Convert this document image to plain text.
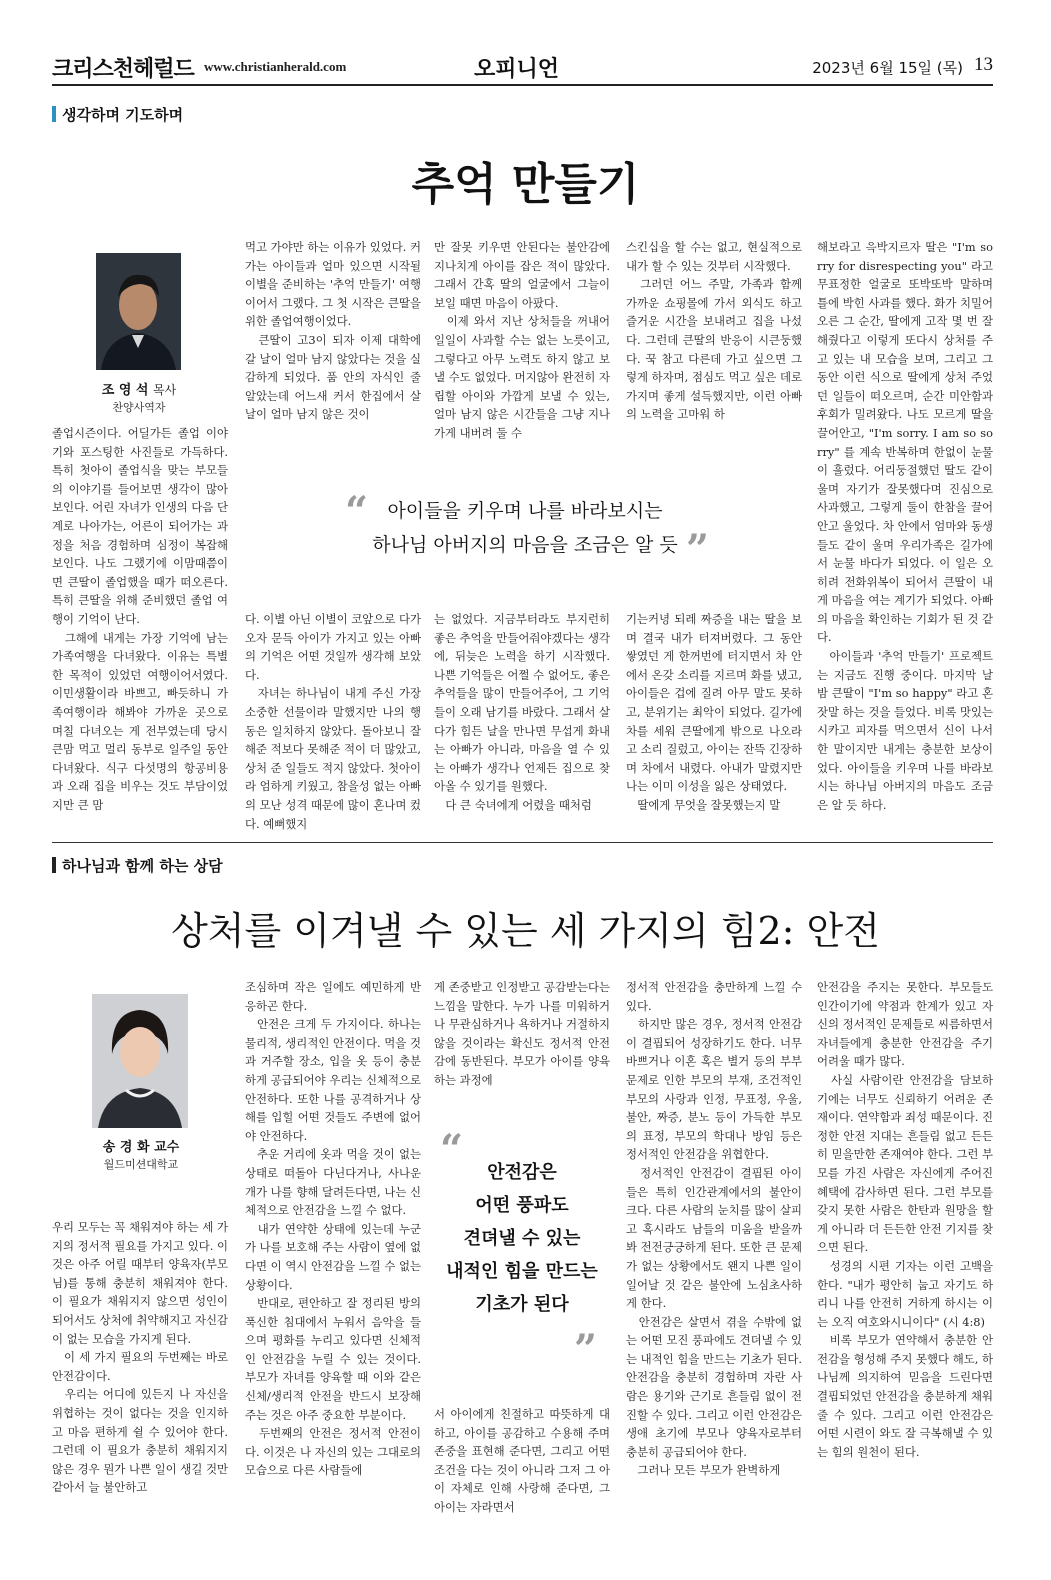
크리스천헤럴드 www.christianherald.com	오피니언	2023년 6월 15일 (목) 13
생각하며 기도하며
추억 만들기
조 영 석 목사
찬양사역자
졸업시즌이다. 어딜가든 졸업 이야기와 포스팅한 사진들로 가득하다. 특히 첫아이 졸업식을 맞는 부모들의 이야기를 들어보면 생각이 많아 보인다. 어린 자녀가 인생의 다음 단계로 나아가는, 어른이 되어가는 과정을 처음 경험하며 심정이 복잡해 보인다. 나도 그랬기에 이맘때쯤이면 큰딸이 졸업했을 때가 떠오른다. 특히 큰딸을 위해 준비했던 졸업 여행이 기억이 난다.
　그해에 내게는 가장 기억에 남는 가족여행을 다녀왔다. 이유는 특별한 목적이 있었던 여행이어서였다. 이민생활이라 바쁘고, 빠듯하니 가족여행이라 해봐야 가까운 곳으로 며칠 다녀오는 게 전부였는데 당시 큰맘 먹고 멀리 동부로 일주일 동안 다녀왔다. 식구 다섯명의 항공비용과 오래 집을 비우는 것도 부담이었지만 큰 맘
먹고 가야만 하는 이유가 있었다. 커가는 아이들과 얼마 있으면 시작될 이별을 준비하는 '추억 만들기' 여행이어서 그랬다. 그 첫 시작은 큰딸을 위한 졸업여행이었다.
　큰딸이 고3이 되자 이제 대학에 갈 날이 얼마 남지 않았다는 것을 실감하게 되었다. 품 안의 자식인 줄 알았는데 어느새 커서 한집에서 살 날이 얼마 남지 않은 것이
다. 이별 아닌 이별이 코앞으로 다가오자 문득 아이가 가지고 있는 아빠의 기억은 어떤 것일까 생각해 보았다.
　자녀는 하나님이 내게 주신 가장 소중한 선물이라 말했지만 나의 행동은 일치하지 않았다. 돌아보니 잘해준 적보다 못해준 적이 더 많았고, 상처 준 일들도 적지 않았다. 첫아이라 엄하게 키웠고, 참을성 없는 아빠의 모난 성격 때문에 많이 혼나며 컸다. 예뻐했지
만 잘못 키우면 안된다는 불안감에 지나치게 아이를 잡은 적이 많았다. 그래서 간혹 딸의 얼굴에서 그늘이 보일 때면 마음이 아팠다.
　이제 와서 지난 상처들을 꺼내어 일일이 사과할 수는 없는 노릇이고, 그렇다고 아무 노력도 하지 않고 보낼 수도 없었다. 머지않아 완전히 자립할 아이와 가깝게 보낼 수 있는, 얼마 남지 않은 시간들을 그냥 지나가게 내버려 둘 수
는 없었다. 지금부터라도 부지런히 좋은 추억을 만들어줘야겠다는 생각에, 뒤늦은 노력을 하기 시작했다. 나쁜 기억들은 어쩔 수 없어도, 좋은 추억들을 많이 만들어주어, 그 기억들이 오래 남기를 바랐다. 그래서 살다가 힘든 날을 만나면 무섭게 화내는 아빠가 아니라, 마음을 열 수 있는 아빠가 생각나 언제든 집으로 찾아올 수 있기를 원했다.
　다 큰 숙녀에게 어렸을 때처럼
스킨십을 할 수는 없고, 현실적으로 내가 할 수 있는 것부터 시작했다.
　그러던 어느 주말, 가족과 함께 가까운 쇼핑몰에 가서 외식도 하고 즐거운 시간을 보내려고 집을 나섰다. 그런데 큰딸의 반응이 시큰둥했다. 꾹 참고 다른데 가고 싶으면 그렇게 하자며, 점심도 먹고 싶은 데로 가지며 좋게 설득했지만, 이런 아빠의 노력을 고마워 하
기는커녕 되레 짜증을 내는 딸을 보며 결국 내가 터져버렸다. 그 동안 쌓였던 게 한꺼번에 터지면서 차 안에서 온갖 소리를 지르며 화를 냈고, 아이들은 겁에 질려 아무 말도 못하고, 분위기는 최악이 되었다. 길가에 차를 세워 큰딸에게 밖으로 나오라고 소리 질렀고, 아이는 잔뜩 긴장하며 차에서 내렸다. 아내가 말렸지만 나는 이미 이성을 잃은 상태였다.
　딸에게 무엇을 잘못했는지 말
해보라고 윽박지르자 딸은 "I'm sorry for disrespecting you" 라고 무표정한 얼굴로 또박또박 말하며 틀에 박힌 사과를 했다. 화가 치밀어 오른 그 순간, 딸에게 고작 몇 번 잘해줬다고 이렇게 또다시 상처를 주고 있는 내 모습을 보며, 그리고 그 동안 이런 식으로 딸에게 상처 주었던 일들이 떠오르며, 순간 미안함과 후회가 밀려왔다. 나도 모르게 딸을 끌어안고, "I'm sorry. I am so sorry" 를 계속 반복하며 한없이 눈물이 흘렀다. 어리둥절했던 딸도 같이 울며 자기가 잘못했다며 진심으로 사과했고, 그렇게 둘이 한참을 끌어안고 울었다. 차 안에서 엄마와 동생들도 같이 울며 우리가족은 길가에서 눈물 바다가 되었다. 이 일은 오히려 전화위복이 되어서 큰딸이 내게 마음을 여는 계기가 되었다. 아빠의 마음을 확인하는 기회가 된 것 같다.
　아이들과 '추억 만들기' 프로젝트는 지금도 진행 중이다. 마지막 날 밤 큰딸이 "I'm so happy" 라고 혼잣말 하는 것을 들었다. 비록 맛있는 시카고 피자를 먹으면서 신이 나서 한 말이지만 내게는 충분한 보상이었다. 아이들을 키우며 나를 바라보시는 하나님 아버지의 마음도 조금은 알 듯 하다.
“	아이들을 키우며 나를 바라보시는
하나님 아버지의 마음을 조금은 알 듯 ”
하나님과 함께 하는 상담
상처를 이겨낼 수 있는 세 가지의 힘2: 안전
송 경 화 교수
월드미션대학교
우리 모두는 꼭 채워져야 하는 세 가지의 정서적 필요를 가지고 있다. 이것은 아주 어릴 때부터 양육자(부모님)를 통해 충분히 채워져야 한다. 이 필요가 채워지지 않으면 성인이 되어서도 상처에 취약해지고 자신감이 없는 모습을 가지게 된다.
　이 세 가지 필요의 두번째는 바로 안전감이다.
　우리는 어디에 있든지 나 자신을 위협하는 것이 없다는 것을 인지하고 마음 편하게 쉴 수 있어야 한다. 그런데 이 필요가 충분히 채워지지 않은 경우 뭔가 나쁜 일이 생길 것만 같아서 늘 불안하고
조심하며 작은 일에도 예민하게 반응하곤 한다.
　안전은 크게 두 가지이다. 하나는 물리적, 생리적인 안전이다. 먹을 것과 거주할 장소, 입을 옷 등이 충분하게 공급되어야 우리는 신체적으로 안전하다. 또한 나를 공격하거나 상해를 입힐 어떤 것들도 주변에 없어야 안전하다.
　추운 거리에 옷과 먹을 것이 없는 상태로 떠돌아 다닌다거나, 사나운 개가 나를 향해 달려든다면, 나는 신체적으로 안전감을 느낄 수 없다.
　내가 연약한 상태에 있는데 누군가 나를 보호해 주는 사람이 옆에 없다면 이 역시 안전감을 느낄 수 없는 상황이다.
　반대로, 편안하고 잘 정리된 방의 푹신한 침대에서 누워서 음악을 들으며 평화를 누리고 있다면 신체적인 안전감을 누릴 수 있는 것이다. 부모가 자녀를 양육할 때 이와 같은 신체/생리적 안전을 반드시 보장해 주는 것은 아주 중요한 부분이다.
　두번째의 안전은 정서적 안전이다. 이것은 나 자신의 있는 그대로의 모습으로 다른 사람들에
게 존중받고 인정받고 공감받는다는 느낌을 말한다. 누가 나를 미워하거나 무관심하거나 욕하거나 거절하지 않을 것이라는 확신도 정서적 안전감에 동반된다. 부모가 아이를 양육하는 과정에
서 아이에게 친절하고 따뜻하게 대하고, 아이를 공감하고 수용해 주며 존중을 표현해 준다면, 그리고 어떤 조건을 다는 것이 아니라 그저 그 아이 자체로 인해 사랑해 준다면, 그 아이는 자라면서
정서적 안전감을 충만하게 느낄 수 있다.
　하지만 많은 경우, 정서적 안전감이 결핍되어 성장하기도 한다. 너무 바쁘거나 이혼 혹은 별거 등의 부부 문제로 인한 부모의 부재, 조건적인 부모의 사랑과 인정, 무표정, 우울, 불안, 짜증, 분노 등이 가득한 부모의 표정, 부모의 학대나 방임 등은 정서적인 안전감을 위협한다.
　정서적인 안전감이 결핍된 아이들은 특히 인간관계에서의 불안이 크다. 다른 사람의 눈치를 많이 살피고 혹시라도 남들의 미움을 받을까 봐 전전긍긍하게 된다. 또한 큰 문제가 없는 상황에서도 왠지 나쁜 일이 일어날 것 같은 불안에 노심초사하게 한다.
　안전감은 살면서 겪을 수밖에 없는 어떤 모진 풍파에도 견뎌낼 수 있는 내적인 힘을 만드는 기초가 된다. 안전감을 충분히 경험하며 자란 사람은 용기와 근기로 흔들림 없이 전진할 수 있다. 그리고 이런 안전감은 생애 초기에 부모나 양육자로부터 충분히 공급되어야 한다.
　그러나 모든 부모가 완벽하게
안전감을 주지는 못한다. 부모들도 인간이기에 약점과 한계가 있고 자신의 정서적인 문제들로 씨름하면서 자녀들에게 충분한 안전감을 주기 어려울 때가 많다.
　사실 사람이란 안전감을 담보하기에는 너무도 신뢰하기 어려운 존재이다. 연약함과 죄성 때문이다. 진정한 안전 지대는 흔들림 없고 든든히 믿을만한 존재여야 한다. 그런 부모를 가진 사람은 자신에게 주어진 혜택에 감사하면 된다. 그런 부모를 갖지 못한 사람은 한탄과 원망을 할 게 아니라 더 든든한 안전 기지를 찾으면 된다.
　성경의 시편 기자는 이런 고백을 한다. "내가 평안히 눕고 자기도 하리니 나를 안전히 거하게 하시는 이는 오직 여호와시니이다" (시 4:8)
　비록 부모가 연약해서 충분한 안전감을 형성해 주지 못했다 해도, 하나님께 의지하여 믿음을 드린다면 결핍되었던 안전감을 충분하게 채워줄 수 있다. 그리고 이런 안전감은 어떤 시련이 와도 잘 극복해낼 수 있는 힘의 원천이 된다.
“	안전감은
어떤 풍파도
견뎌낼 수 있는
내적인 힘을 만드는
기초가 된다
”
